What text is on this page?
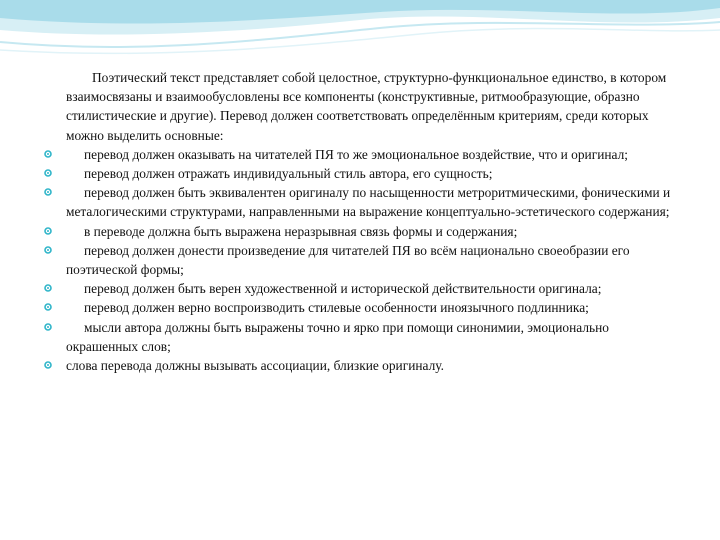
Поэтический текст представляет собой целостное, структурно-функциональное единство, в котором взаимосвязаны и взаимообусловлены все компоненты (конструктивные, ритмообразующие, образно стилистические и другие). Перевод должен соответствовать определённым критериям, среди которых можно выделить основные:

перевод должен оказывать на читателей ПЯ то же эмоциональное воздействие, что и оригинал;
перевод должен отражать индивидуальный стиль автора, его сущность;
перевод должен быть эквивалентен оригиналу по насыщенности метроритмическими, фоническими и металогическими структурами, направленными на выражение концептуально-эстетического содержания;
в переводе должна быть выражена неразрывная связь формы и содержания;
перевод должен донести произведение для читателей ПЯ во всём национально своеобразии его поэтической формы;
перевод должен быть верен художественной и исторической действительности оригинала;
перевод должен верно воспроизводить стилевые особенности иноязычного подлинника;
мысли автора должны быть выражены точно и ярко при помощи синонимии, эмоционально окрашенных слов;
слова перевода должны вызывать ассоциации, близкие оригиналу.
